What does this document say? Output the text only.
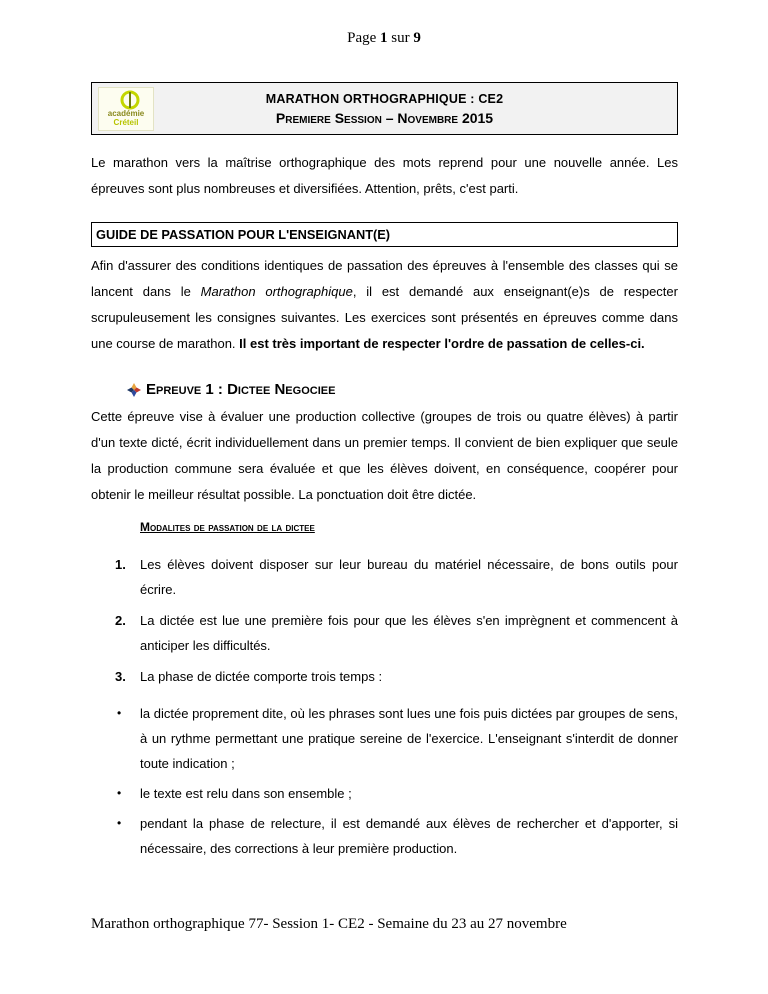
Page 1 sur 9
académie
Créteil
MARATHON ORTHOGRAPHIQUE : CE2
Premiere Session – Novembre 2015

Le marathon vers la maîtrise orthographique des mots reprend pour une nouvelle année. Les épreuves sont plus nombreuses et diversifiées. Attention, prêts, c'est parti.

GUIDE DE PASSATION POUR L'ENSEIGNANT(E)

Afin d'assurer des conditions identiques de passation des épreuves à l'ensemble des classes qui se lancent dans le Marathon orthographique, il est demandé aux enseignant(e)s de respecter scrupuleusement les consignes suivantes. Les exercices sont présentés en épreuves comme dans une course de marathon. Il est très important de respecter l'ordre de passation de celles-ci.

Epreuve 1 : Dictee Negociee

Cette épreuve vise à évaluer une production collective (groupes de trois ou quatre élèves) à partir d'un texte dicté, écrit individuellement dans un premier temps. Il convient de bien expliquer que seule la production commune sera évaluée et que les élèves doivent, en conséquence, coopérer pour obtenir le meilleur résultat possible. La ponctuation doit être dictée.

Modalites de passation de la dictee
1.	Les élèves doivent disposer sur leur bureau du matériel nécessaire, de bons outils pour écrire.
2.	La dictée est lue une première fois pour que les élèves s'en imprègnent et commencent à anticiper les difficultés.
3.	La phase de dictée comporte trois temps :
•	la dictée proprement dite, où les phrases sont lues une fois puis dictées par groupes de sens, à un rythme permettant une pratique sereine de l'exercice. L'enseignant s'interdit de donner toute indication ;
•	le texte est relu dans son ensemble ;
•	pendant la phase de relecture, il est demandé aux élèves de rechercher et d'apporter, si nécessaire, des corrections à leur première production.
Marathon orthographique 77- Session 1- CE2 - Semaine du 23 au 27 novembre
